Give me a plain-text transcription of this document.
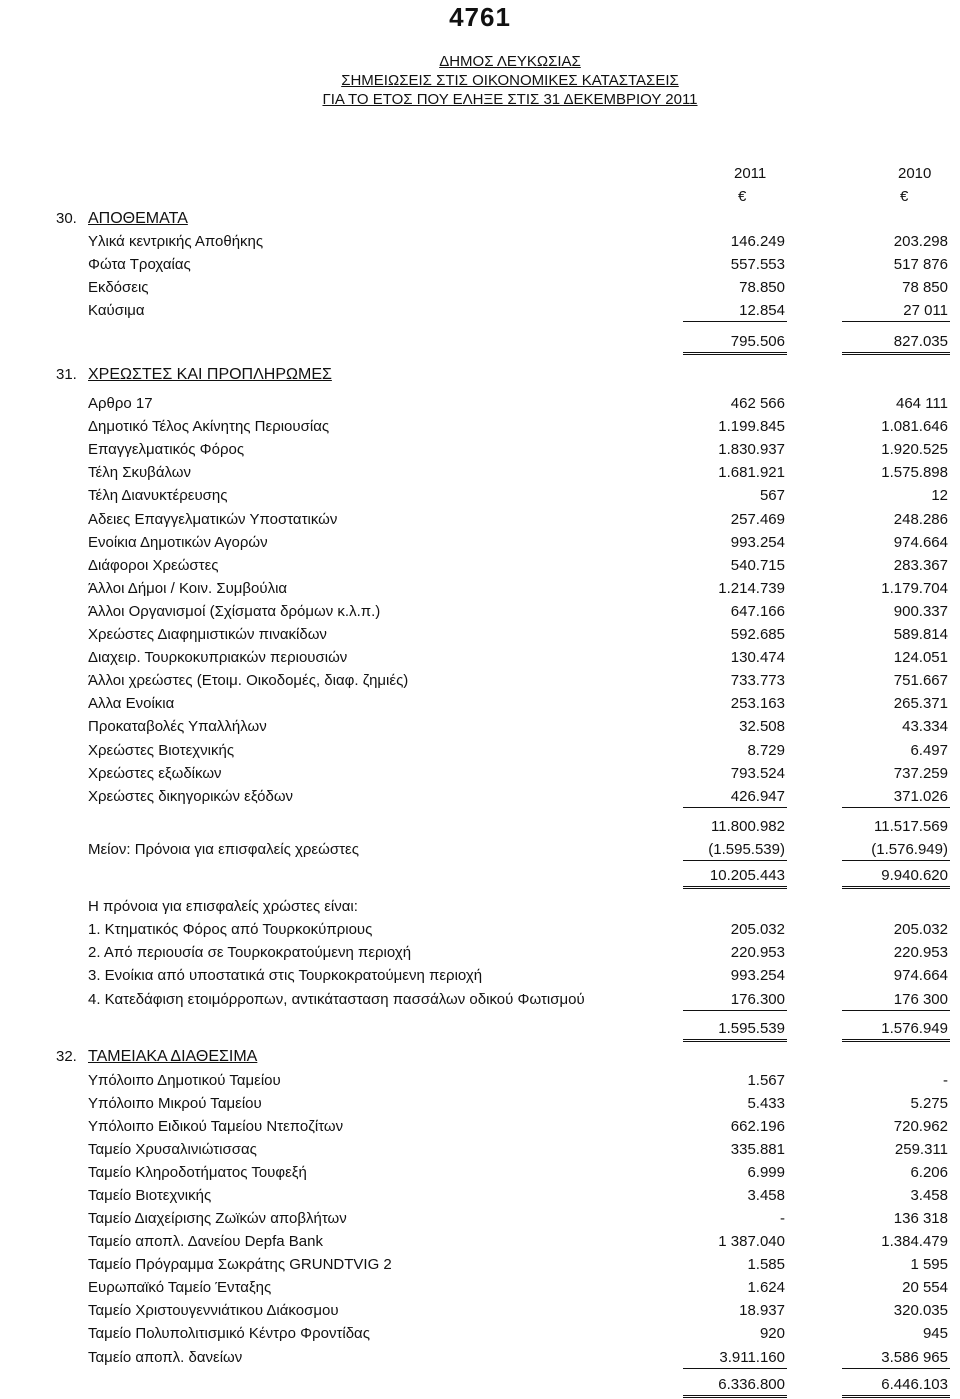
4761
ΔΗΜΟΣ ΛΕΥΚΩΣΙΑΣ
ΣΗΜΕΙΩΣΕΙΣ ΣΤΙΣ ΟΙΚΟΝΟΜΙΚΕΣ ΚΑΤΑΣΤΑΣΕΙΣ
ΓΙΑ ΤΟ ΕΤΟΣ ΠΟΥ ΕΛΗΞΕ ΣΤΙΣ 31 ΔΕΚΕΜΒΡΙΟΥ 2011
2011	2010
€	€
30. ΑΠΟΘΕΜΑΤΑ
Υλικά κεντρικής Αποθήκης	146.249	203.298
Φώτα Τροχαίας	557.553	517 876
Εκδόσεις	78.850	78 850
Καύσιμα	12.854	27 011
795.506	827.035
31. ΧΡΕΩΣΤΕΣ ΚΑΙ ΠΡΟΠΛΗΡΩΜΕΣ
Αρθρο 17	462 566	464 111
Δημοτικό Τέλος Ακίνητης Περιουσίας	1.199.845	1.081.646
Επαγγελματικός Φόρος	1.830.937	1.920.525
Τέλη Σκυβάλων	1.681.921	1.575.898
Τέλη Διανυκτέρευσης	567	12
Αδειες Επαγγελματικών Υποστατικών	257.469	248.286
Ενοίκια Δημοτικών Αγορών	993.254	974.664
Διάφοροι Χρεώστες	540.715	283.367
Άλλοι Δήμοι / Κοιν. Συμβούλια	1.214.739	1.179.704
Άλλοι Οργανισμοί (Σχίσματα δρόμων κ.λ.π.)	647.166	900.337
Χρεώστες Διαφημιστικών πινακίδων	592.685	589.814
Διαχειρ. Τουρκοκυπριακών περιουσιών	130.474	124.051
Άλλοι χρεώστες (Ετοιμ. Οικοδομές, διαφ. ζημιές)	733.773	751.667
Αλλα Ενοίκια	253.163	265.371
Προκαταβολές Υπαλλήλων	32.508	43.334
Χρεώστες Βιοτεχνικής	8.729	6.497
Χρεώστες εξωδίκων	793.524	737.259
Χρεώστες δικηγορικών εξόδων	426.947	371.026
11.800.982	11.517.569
Μείον: Πρόνοια για επισφαλείς χρεώστες	(1.595.539)	(1.576.949)
10.205.443	9.940.620
Η πρόνοια για επισφαλείς χρώστες είναι:
1. Κτηματικός Φόρος από Τουρκοκύπριους	205.032	205.032
2. Από περιουσία σε Τουρκοκρατούμενη περιοχή	220.953	220.953
3. Ενοίκια από υποστατικά στις Τουρκοκρατούμενη περιοχή	993.254	974.664
4. Κατεδάφιση ετοιμόρροπων, αντικάτασταση πασσάλων οδικού Φωτισμού	176.300	176 300
1.595.539	1.576.949
32. ΤΑΜΕΙΑΚΑ ΔΙΑΘΕΣΙΜΑ
Υπόλοιπο Δημοτικού Ταμείου	1.567	-
Υπόλοιπο Μικρού Ταμείου	5.433	5.275
Υπόλοιπο Ειδικού Ταμείου Ντεποζίτων	662.196	720.962
Ταμείο Χρυσαλινιώτισσας	335.881	259.311
Ταμείο Κληροδοτήματος Τουφεξή	6.999	6.206
Ταμείο Βιοτεχνικής	3.458	3.458
Ταμείο Διαχείρισης Ζωϊκών αποβλήτων	-	136 318
Ταμείο αποπλ. Δανείου Depfa Bank	1 387.040	1.384.479
Ταμείο Πρόγραμμα Σωκράτης GRUNDTVIG 2	1.585	1 595
Ευρωπαϊκό Ταμείο Ένταξης	1.624	20 554
Ταμείο Χριστουγεννιάτικου Διάκοσμου	18.937	320.035
Ταμείο Πολυπολιτισμικό Κέντρο Φροντίδας	920	945
Ταμείο αποπλ. δανείων	3.911.160	3.586 965
6.336.800	6.446.103
